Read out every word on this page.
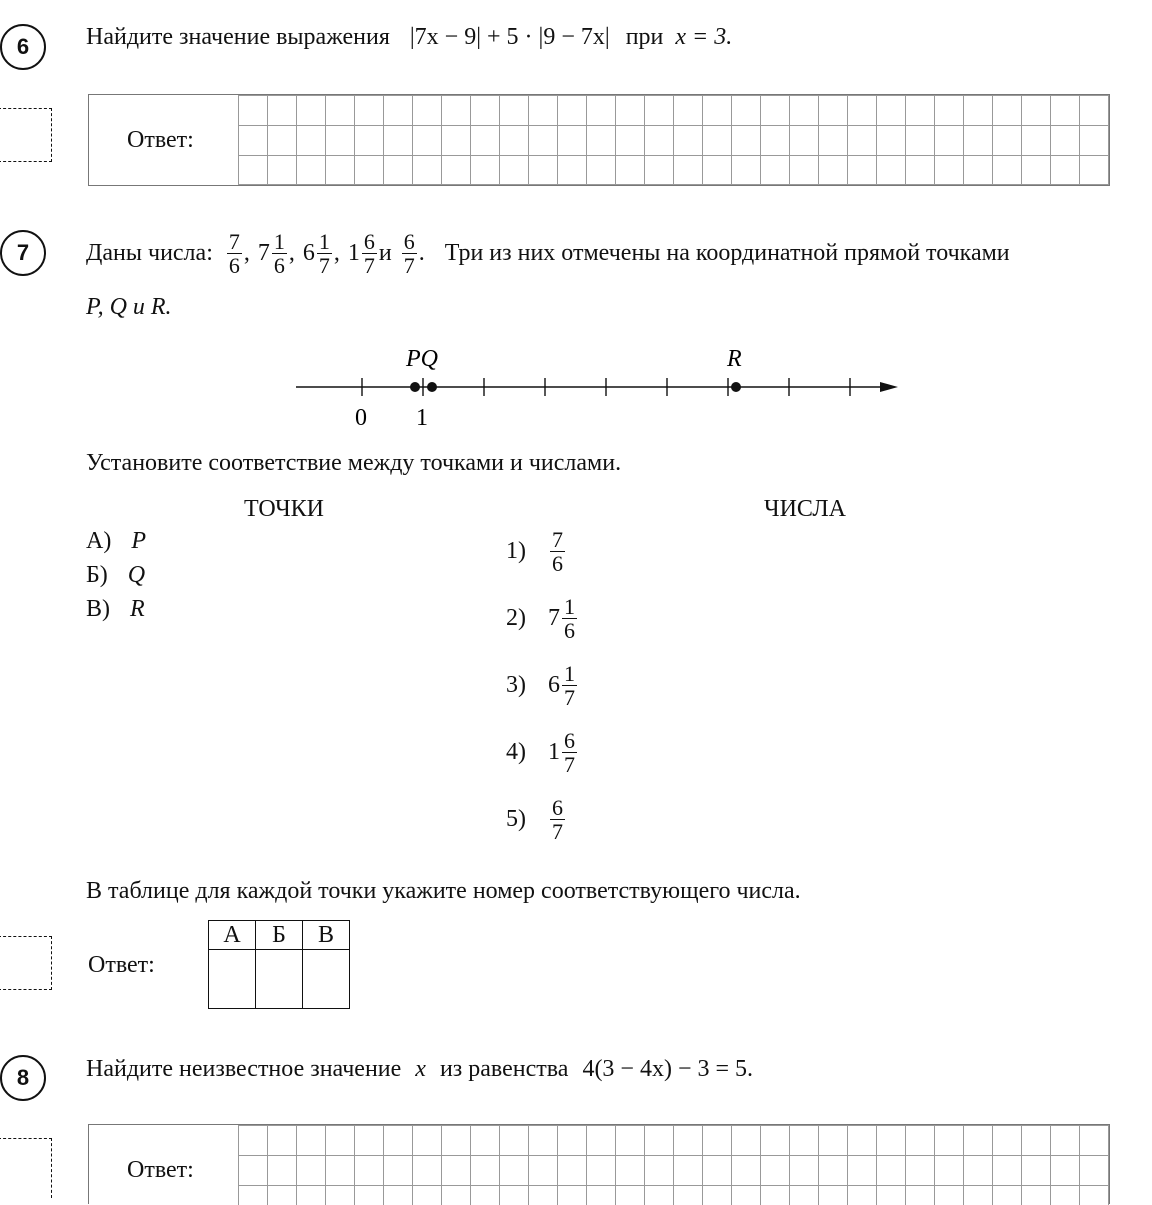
6	Найдите значение выражения |7x − 9| + 5 · |9 − 7x| при x = 3.
Ответ:
7	Даны числа: $\frac{7}{6}$ , $7 \frac{1}{6}$ , $6 \frac{1}{7}$ , $1 \frac{6}{7}$ и $\frac{6}{7}$ . Три из них отмечены на координатной прямой точками
P, Q и R.
PQ	R
0 1
Установите соответствие между точками и числами.
ТОЧКИ	ЧИСЛА
А) P
Б) Q
В) R
$1) \frac{7}{6}$
2) $7 \frac{1}{6}$
3) $6 \frac{1}{7}$
4) $1 \frac{6}{7}$
$5) \frac{6}{7}$
В таблице для каждой точки укажите номер соответствующего числа.
Ответ:
А	Б	В

8	Найдите неизвестное значение x из равенства 4(3 − 4x) − 3 = 5.
Ответ:
